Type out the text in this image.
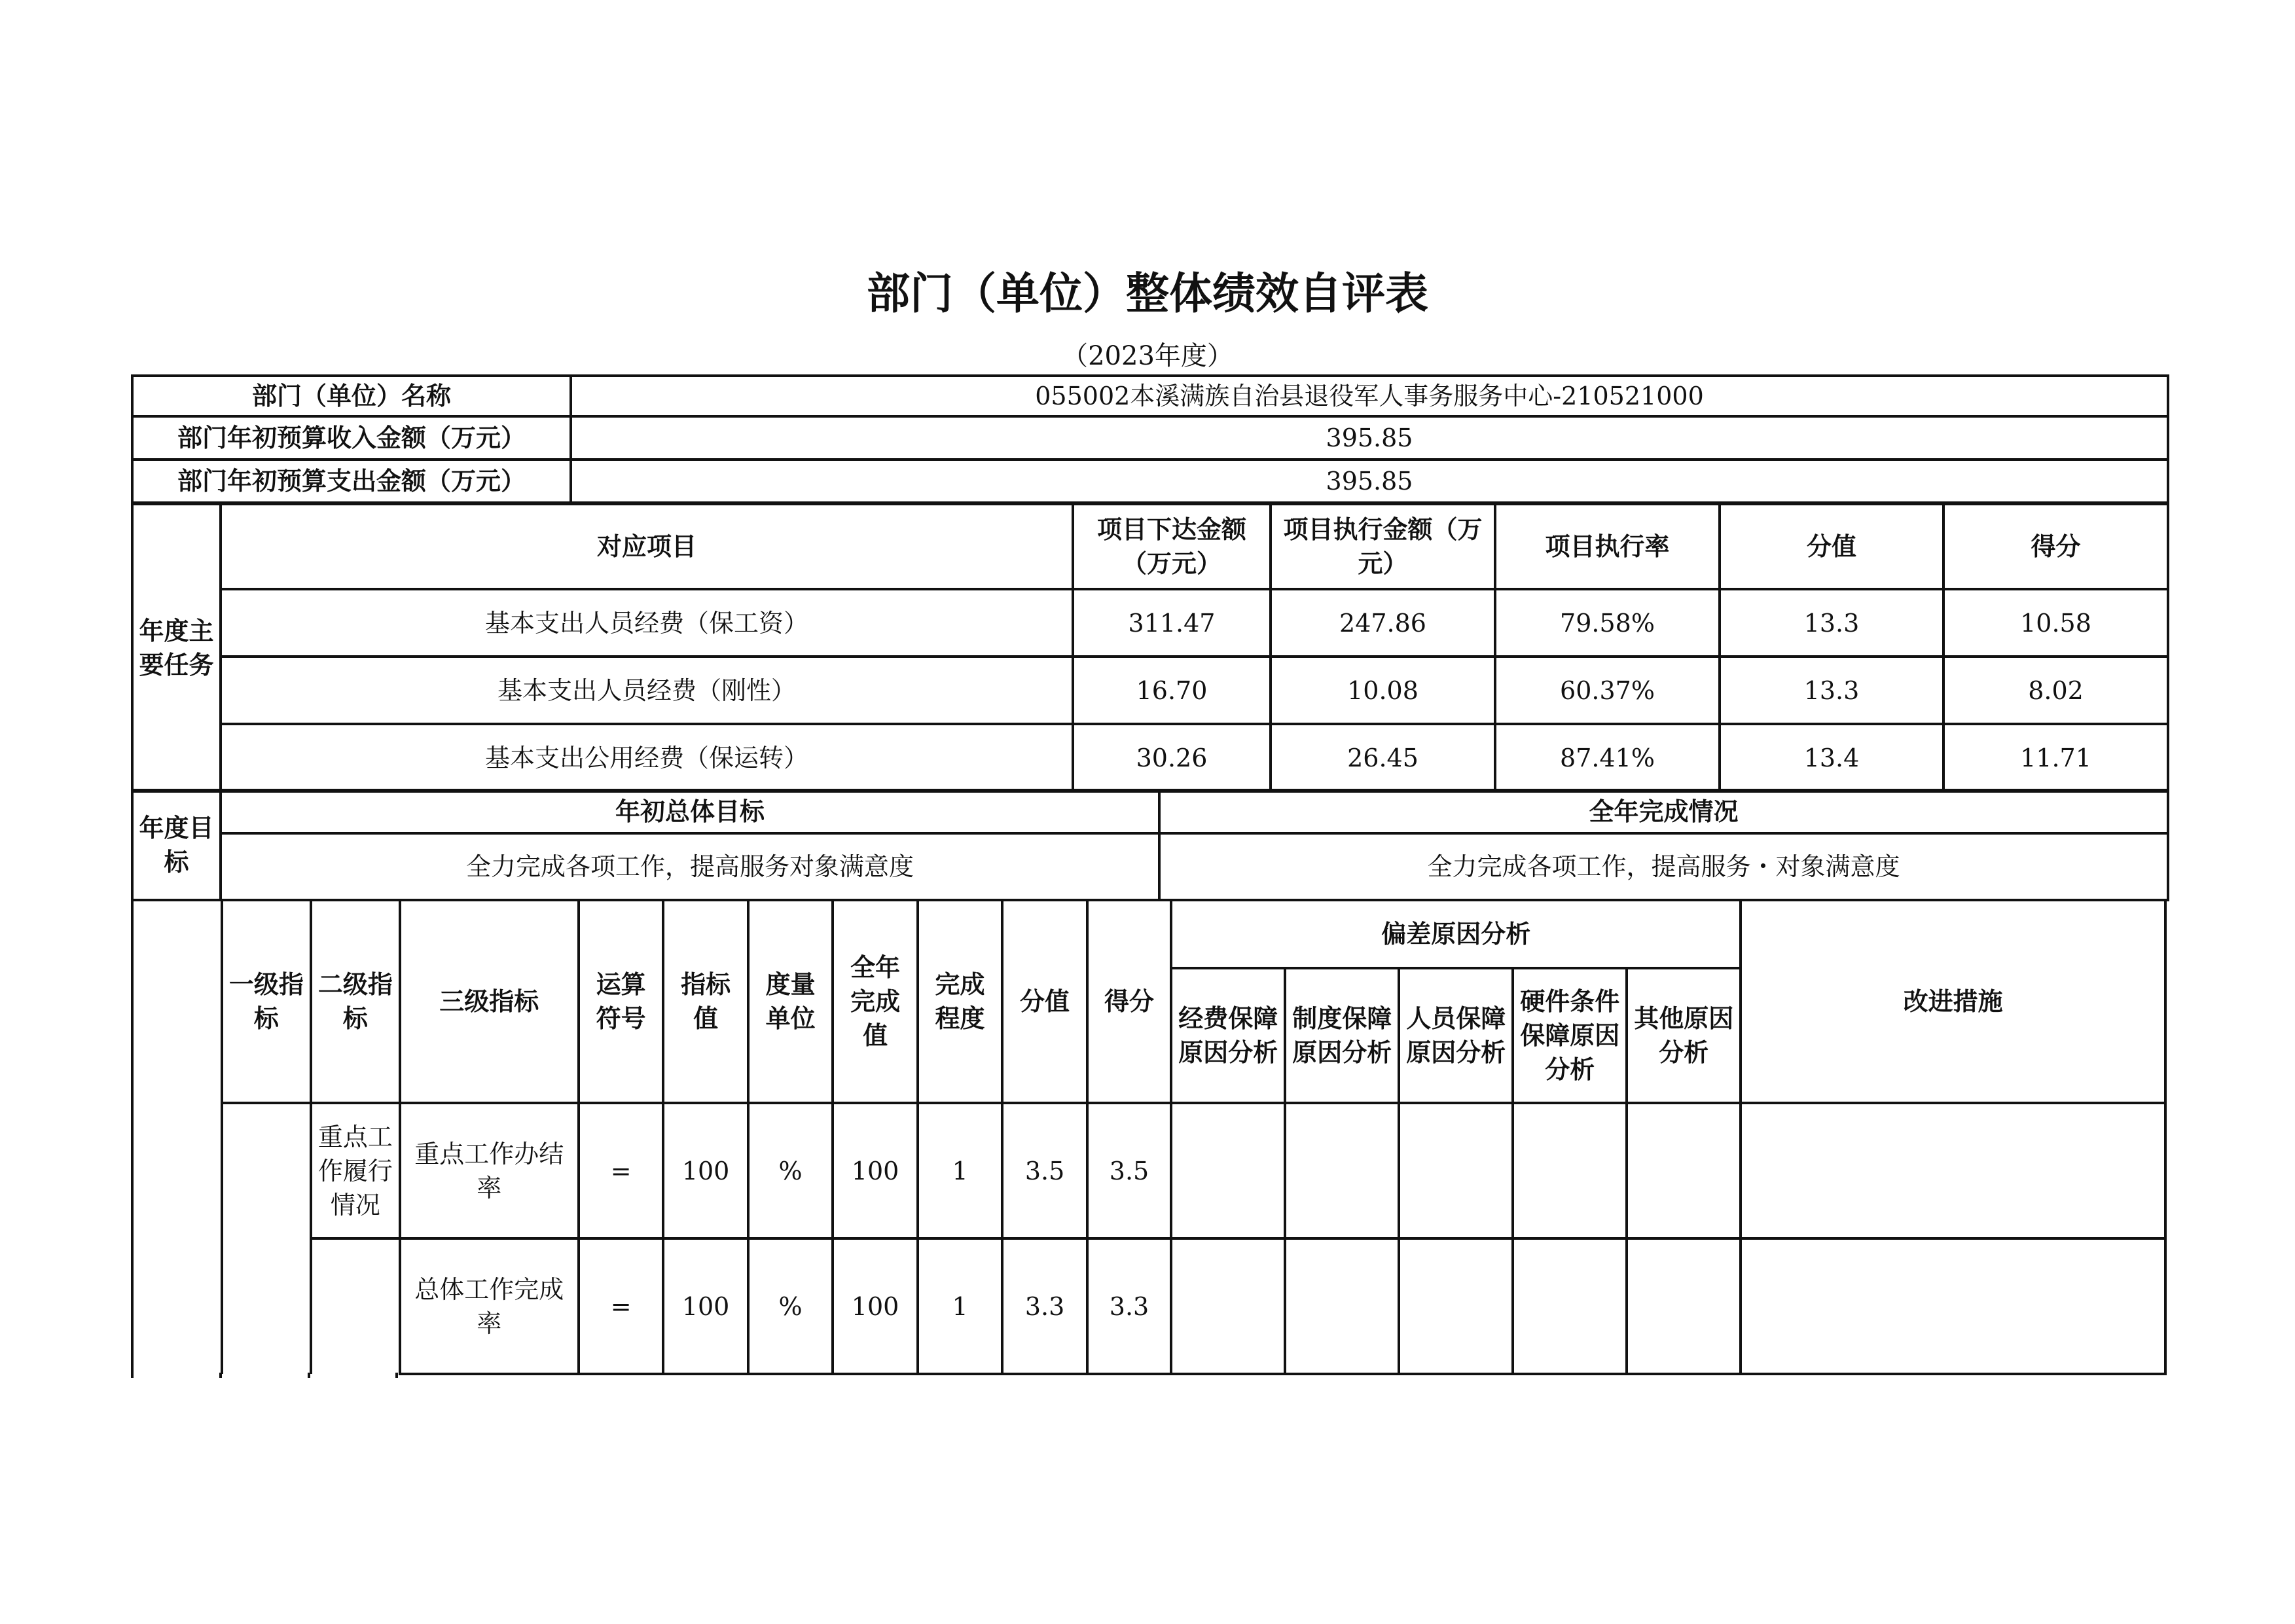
部门（单位）整体绩效自评表
（2023年度）
部门（单位）名称	055002本溪满族自治县退役军人事务服务中心-210521000
部门年初预算收入金额（万元）	395.85
部门年初预算支出金额（万元）	395.85
年度主要任务	对应项目	项目下达金额（万元）	项目执行金额（万元）	项目执行率	分值	得分
	基本支出人员经费（保工资）	311.47	247.86	79.58%	13.3	10.58
	基本支出人员经费（刚性）	16.70	10.08	60.37%	13.3	8.02
	基本支出公用经费（保运转）	30.26	26.45	87.41%	13.4	11.71
年度目标	年初总体目标	全年完成情况
	全力完成各项工作，提高服务对象满意度	全力完成各项工作，提高服务・对象满意度
	一级指标	二级指标	三级指标	运算符号	指标值	度量单位	全年完成值	完成程度	分值	得分	偏差原因分析					改进措施
											经费保障原因分析	制度保障原因分析	人员保障原因分析	硬件条件保障原因分析	其他原因分析	
		重点工作履行情况	重点工作办结率	=	100	%	100	1	3.5	3.5						
			总体工作完成率	=	100	%	100	1	3.3	3.3						
